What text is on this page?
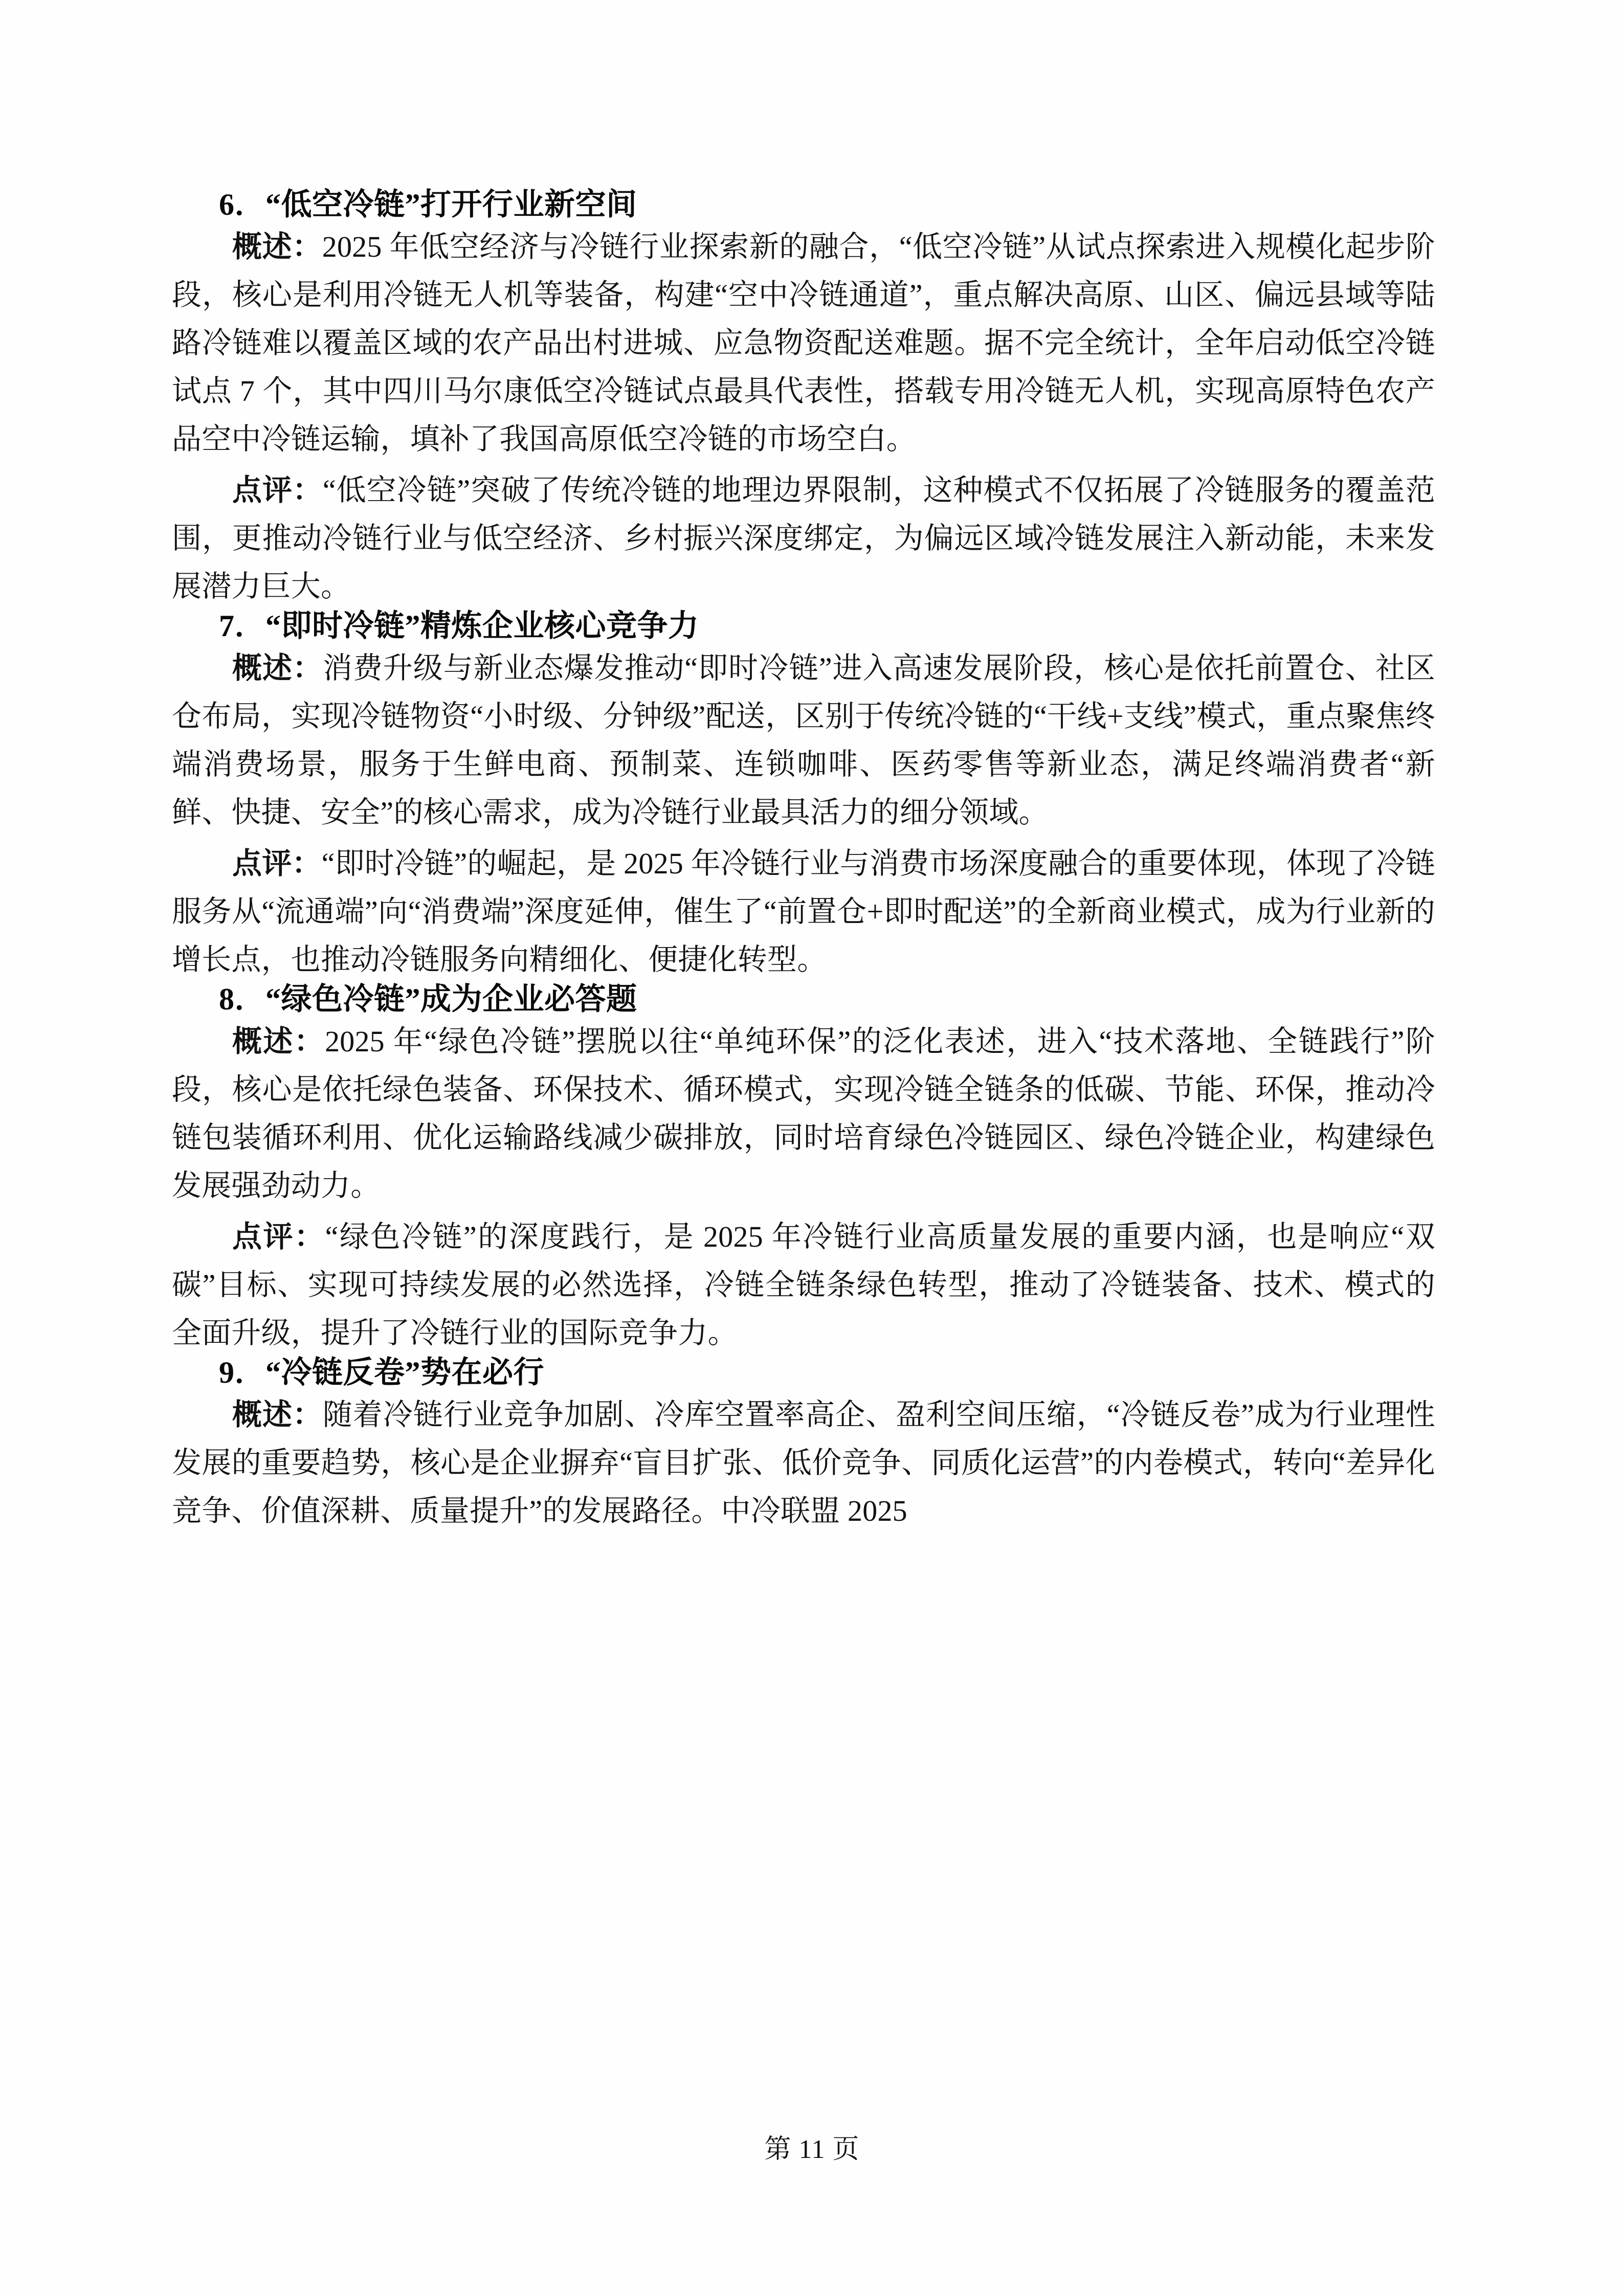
6．“低空冷链”打开行业新空间

概述：2025 年低空经济与冷链行业探索新的融合，“低空冷链”从试点探索进入规模化起步阶段，核心是利用冷链无人机等装备，构建“空中冷链通道”，重点解决高原、山区、偏远县域等陆路冷链难以覆盖区域的农产品出村进城、应急物资配送难题。据不完全统计，全年启动低空冷链试点 7 个，其中四川马尔康低空冷链试点最具代表性，搭载专用冷链无人机，实现高原特色农产品空中冷链运输，填补了我国高原低空冷链的市场空白。

点评：“低空冷链”突破了传统冷链的地理边界限制，这种模式不仅拓展了冷链服务的覆盖范围，更推动冷链行业与低空经济、乡村振兴深度绑定，为偏远区域冷链发展注入新动能，未来发展潜力巨大。

7．“即时冷链”精炼企业核心竞争力

概述：消费升级与新业态爆发推动“即时冷链”进入高速发展阶段，核心是依托前置仓、社区仓布局，实现冷链物资“小时级、分钟级”配送，区别于传统冷链的“干线+支线”模式，重点聚焦终端消费场景，服务于生鲜电商、预制菜、连锁咖啡、医药零售等新业态，满足终端消费者“新鲜、快捷、安全”的核心需求，成为冷链行业最具活力的细分领域。

点评：“即时冷链”的崛起，是 2025 年冷链行业与消费市场深度融合的重要体现，体现了冷链服务从“流通端”向“消费端”深度延伸，催生了“前置仓+即时配送”的全新商业模式，成为行业新的增长点，也推动冷链服务向精细化、便捷化转型。

8．“绿色冷链”成为企业必答题

概述：2025 年“绿色冷链”摆脱以往“单纯环保”的泛化表述，进入“技术落地、全链践行”阶段，核心是依托绿色装备、环保技术、循环模式，实现冷链全链条的低碳、节能、环保，推动冷链包装循环利用、优化运输路线减少碳排放，同时培育绿色冷链园区、绿色冷链企业，构建绿色发展强劲动力。

点评：“绿色冷链”的深度践行，是 2025 年冷链行业高质量发展的重要内涵，也是响应“双碳”目标、实现可持续发展的必然选择，冷链全链条绿色转型，推动了冷链装备、技术、模式的全面升级，提升了冷链行业的国际竞争力。

9．“冷链反卷”势在必行

概述：随着冷链行业竞争加剧、冷库空置率高企、盈利空间压缩，“冷链反卷”成为行业理性发展的重要趋势，核心是企业摒弃“盲目扩张、低价竞争、同质化运营”的内卷模式，转向“差异化竞争、价值深耕、质量提升”的发展路径。中冷联盟 2025

第 11 页
